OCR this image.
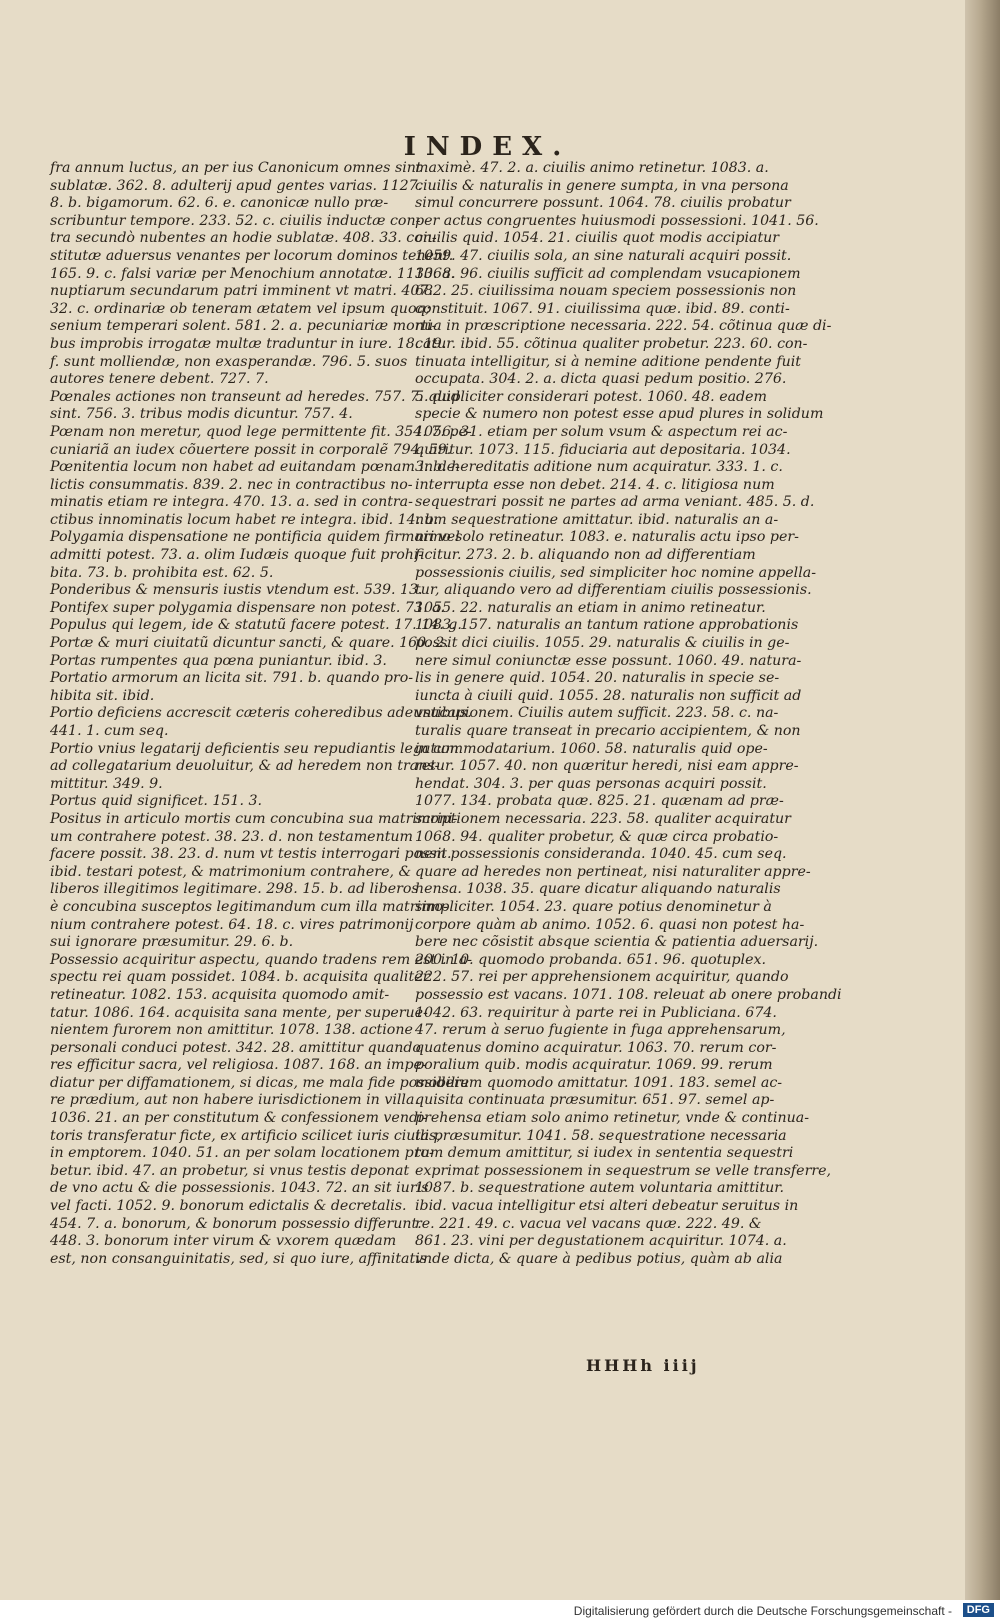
INDEX.
fra annum luctus, an per ius Canonicum omnes sint
sublatæ. 362. 8. adulterij apud gentes varias. 1127.
8. b. bigamorum. 62. 6. e. canonicæ nullo præ-
scribuntur tempore. 233. 52. c. ciuilis inductæ con-
tra secundò nubentes an hodie sublatæ. 408. 33. con-
stitutæ aduersus venantes per locorum dominos tenent.
165. 9. c. falsi variæ per Menochium annotatæ. 1133. a.
nuptiarum secundarum patri imminent vt matri. 407.
32. c. ordinariæ ob teneram ætatem vel ipsum quoq;
senium temperari solent. 581. 2. a. pecuniariæ morti-
bus improbis irrogatæ multæ traduntur in iure. 18. 19.
f. sunt molliendæ, non exasperandæ. 796. 5. suos
autores tenere debent. 727. 7.
Pœnales actiones non transeunt ad heredes. 757. 7. quid
sint. 756. 3. tribus modis dicuntur. 757. 4.
Pœnam non meretur, quod lege permittente fit. 354. 7. pe-
cuniariã an iudex cõuertere possit in corporalẽ 794. 59.
Pœnitentia locum non habet ad euitandam pœnam in de-
lictis consummatis. 839. 2. nec in contractibus no-
minatis etiam re integra. 470. 13. a. sed in contra-
ctibus innominatis locum habet re integra. ibid. 14. b.
Polygamia dispensatione ne pontificia quidem firmari vel
admitti potest. 73. a. olim Iudæis quoque fuit prohi-
bita. 73. b. prohibita est. 62. 5.
Ponderibus & mensuris iustis vtendum est. 539. 13.
Pontifex super polygamia dispensare non potest. 73. a.
Populus qui legem, ide & statutũ facere potest. 17. 14. g.
Portæ & muri ciuitatũ dicuntur sancti, & quare. 160. 2.
Portas rumpentes qua pœna puniantur. ibid. 3.
Portatio armorum an licita sit. 791. b. quando pro-
hibita sit. ibid.
Portio deficiens accrescit cæteris coheredibus adeuntibus.
441. 1. cum seq.
Portio vnius legatarij deficientis seu repudiantis legatum
ad collegatarium deuoluitur, & ad heredem non trans-
mittitur. 349. 9.
Portus quid significet. 151. 3.
Positus in articulo mortis cum concubina sua matrimoni-
um contrahere potest. 38. 23. d. non testamentum
facere possit. 38. 23. d. num vt testis interrogari possit.
ibid. testari potest, & matrimonium contrahere, &
liberos illegitimos legitimare. 298. 15. b. ad liberos
è concubina susceptos legitimandum cum illa matrimo-
nium contrahere potest. 64. 18. c. vires patrimonij
sui ignorare præsumitur. 29. 6. b.
Possessio acquiritur aspectu, quando tradens rem est in a-
spectu rei quam possidet. 1084. b. acquisita qualiter
retineatur. 1082. 153. acquisita quomodo amit-
tatur. 1086. 164. acquisita sana mente, per superue-
nientem furorem non amittitur. 1078. 138. actione
personali conduci potest. 342. 28. amittitur quando
res efficitur sacra, vel religiosa. 1087. 168. an impe-
diatur per diffamationem, si dicas, me mala fide possidere
re prædium, aut non habere iurisdictionem in villa.
1036. 21. an per constitutum & confessionem vendi-
toris transferatur ficte, ex artificio scilicet iuris ciuilis,
in emptorem. 1040. 51. an per solam locationem pro-
betur. ibid. 47. an probetur, si vnus testis deponat
de vno actu & die possessionis. 1043. 72. an sit iuris
vel facti. 1052. 9. bonorum edictalis & decretalis.
454. 7. a. bonorum, & bonorum possessio differunt.
448. 3. bonorum inter virum & vxorem quædam
est, non consanguinitatis, sed, si quo iure, affinitatis
maximè. 47. 2. a. ciuilis animo retinetur. 1083. a.
ciuilis & naturalis in genere sumpta, in vna persona
simul concurrere possunt. 1064. 78. ciuilis probatur
per actus congruentes huiusmodi possessioni. 1041. 56.
ciuilis quid. 1054. 21. ciuilis quot modis accipiatur
1059. 47. ciuilis sola, an sine naturali acquiri possit.
1068. 96. ciuilis sufficit ad complendam vsucapionem
682. 25. ciuilissima nouam speciem possessionis non
constituit. 1067. 91. ciuilissima quæ. ibid. 89. conti-
nua in præscriptione necessaria. 222. 54. cõtinua quæ di-
catur. ibid. 55. cõtinua qualiter probetur. 223. 60. con-
tinuata intelligitur, si à nemine aditione pendente fuit
occupata. 304. 2. a. dicta quasi pedum positio. 276.
5. dupliciter considerari potest. 1060. 48. eadem
specie & numero non potest esse apud plures in solidum
1056. 31. etiam per solum vsum & aspectum rei ac-
quiritur. 1073. 115. fiduciaria aut depositaria. 1034.
3. b. hereditatis aditione num acquiratur. 333. 1. c.
interrupta esse non debet. 214. 4. c. litigiosa num
sequestrari possit ne partes ad arma veniant. 485. 5. d.
num sequestratione amittatur. ibid. naturalis an a-
nimo solo retineatur. 1083. e. naturalis actu ipso per-
ficitur. 273. 2. b. aliquando non ad differentiam
possessionis ciuilis, sed simpliciter hoc nomine appella-
tur, aliquando vero ad differentiam ciuilis possessionis.
1055. 22. naturalis an etiam in animo retineatur.
1083. 157. naturalis an tantum ratione approbationis
possit dici ciuilis. 1055. 29. naturalis & ciuilis in ge-
nere simul coniunctæ esse possunt. 1060. 49. natura-
lis in genere quid. 1054. 20. naturalis in specie se-
iuncta à ciuili quid. 1055. 28. naturalis non sufficit ad
vsucapionem. Ciuilis autem sufficit. 223. 58. c. na-
turalis quare transeat in precario accipientem, & non
in commodatarium. 1060. 58. naturalis quid ope-
retur. 1057. 40. non quæritur heredi, nisi eam appre-
hendat. 304. 3. per quas personas acquiri possit.
1077. 134. probata quæ. 825. 21. quænam ad præ-
scriptionem necessaria. 223. 58. qualiter acquiratur
1068. 94. qualiter probetur, & quæ circa probatio-
nem possessionis consideranda. 1040. 45. cum seq.
quare ad heredes non pertineat, nisi naturaliter appre-
hensa. 1038. 35. quare dicatur aliquando naturalis
simpliciter. 1054. 23. quare potius denominetur à
corpore quàm ab animo. 1052. 6. quasi non potest ha-
bere nec cõsistit absque scientia & patientia aduersarij.
200. 10. quomodo probanda. 651. 96. quotuplex.
222. 57. rei per apprehensionem acquiritur, quando
possessio est vacans. 1071. 108. releuat ab onere probandi
1042. 63. requiritur à parte rei in Publiciana. 674.
47. rerum à seruo fugiente in fuga apprehensarum,
quatenus domino acquiratur. 1063. 70. rerum cor-
poralium quib. modis acquiratur. 1069. 99. rerum
mobilium quomodo amittatur. 1091. 183. semel ac-
quisita continuata præsumitur. 651. 97. semel ap-
prehensa etiam solo animo retinetur, vnde & continua-
ta præsumitur. 1041. 58. sequestratione necessaria
tum demum amittitur, si iudex in sententia sequestri
exprimat possessionem in sequestrum se velle transferre,
1087. b. sequestratione autem voluntaria amittitur.
ibid. vacua intelligitur etsi alteri debeatur seruitus in
re. 221. 49. c. vacua vel vacans quæ. 222. 49. &
861. 23. vini per degustationem acquiritur. 1074. a.
vnde dicta, & quare à pedibus potius, quàm ab alia
HHHh iiij
Digitalisierung gefördert durch die Deutsche Forschungsgemeinschaft -	DFG
